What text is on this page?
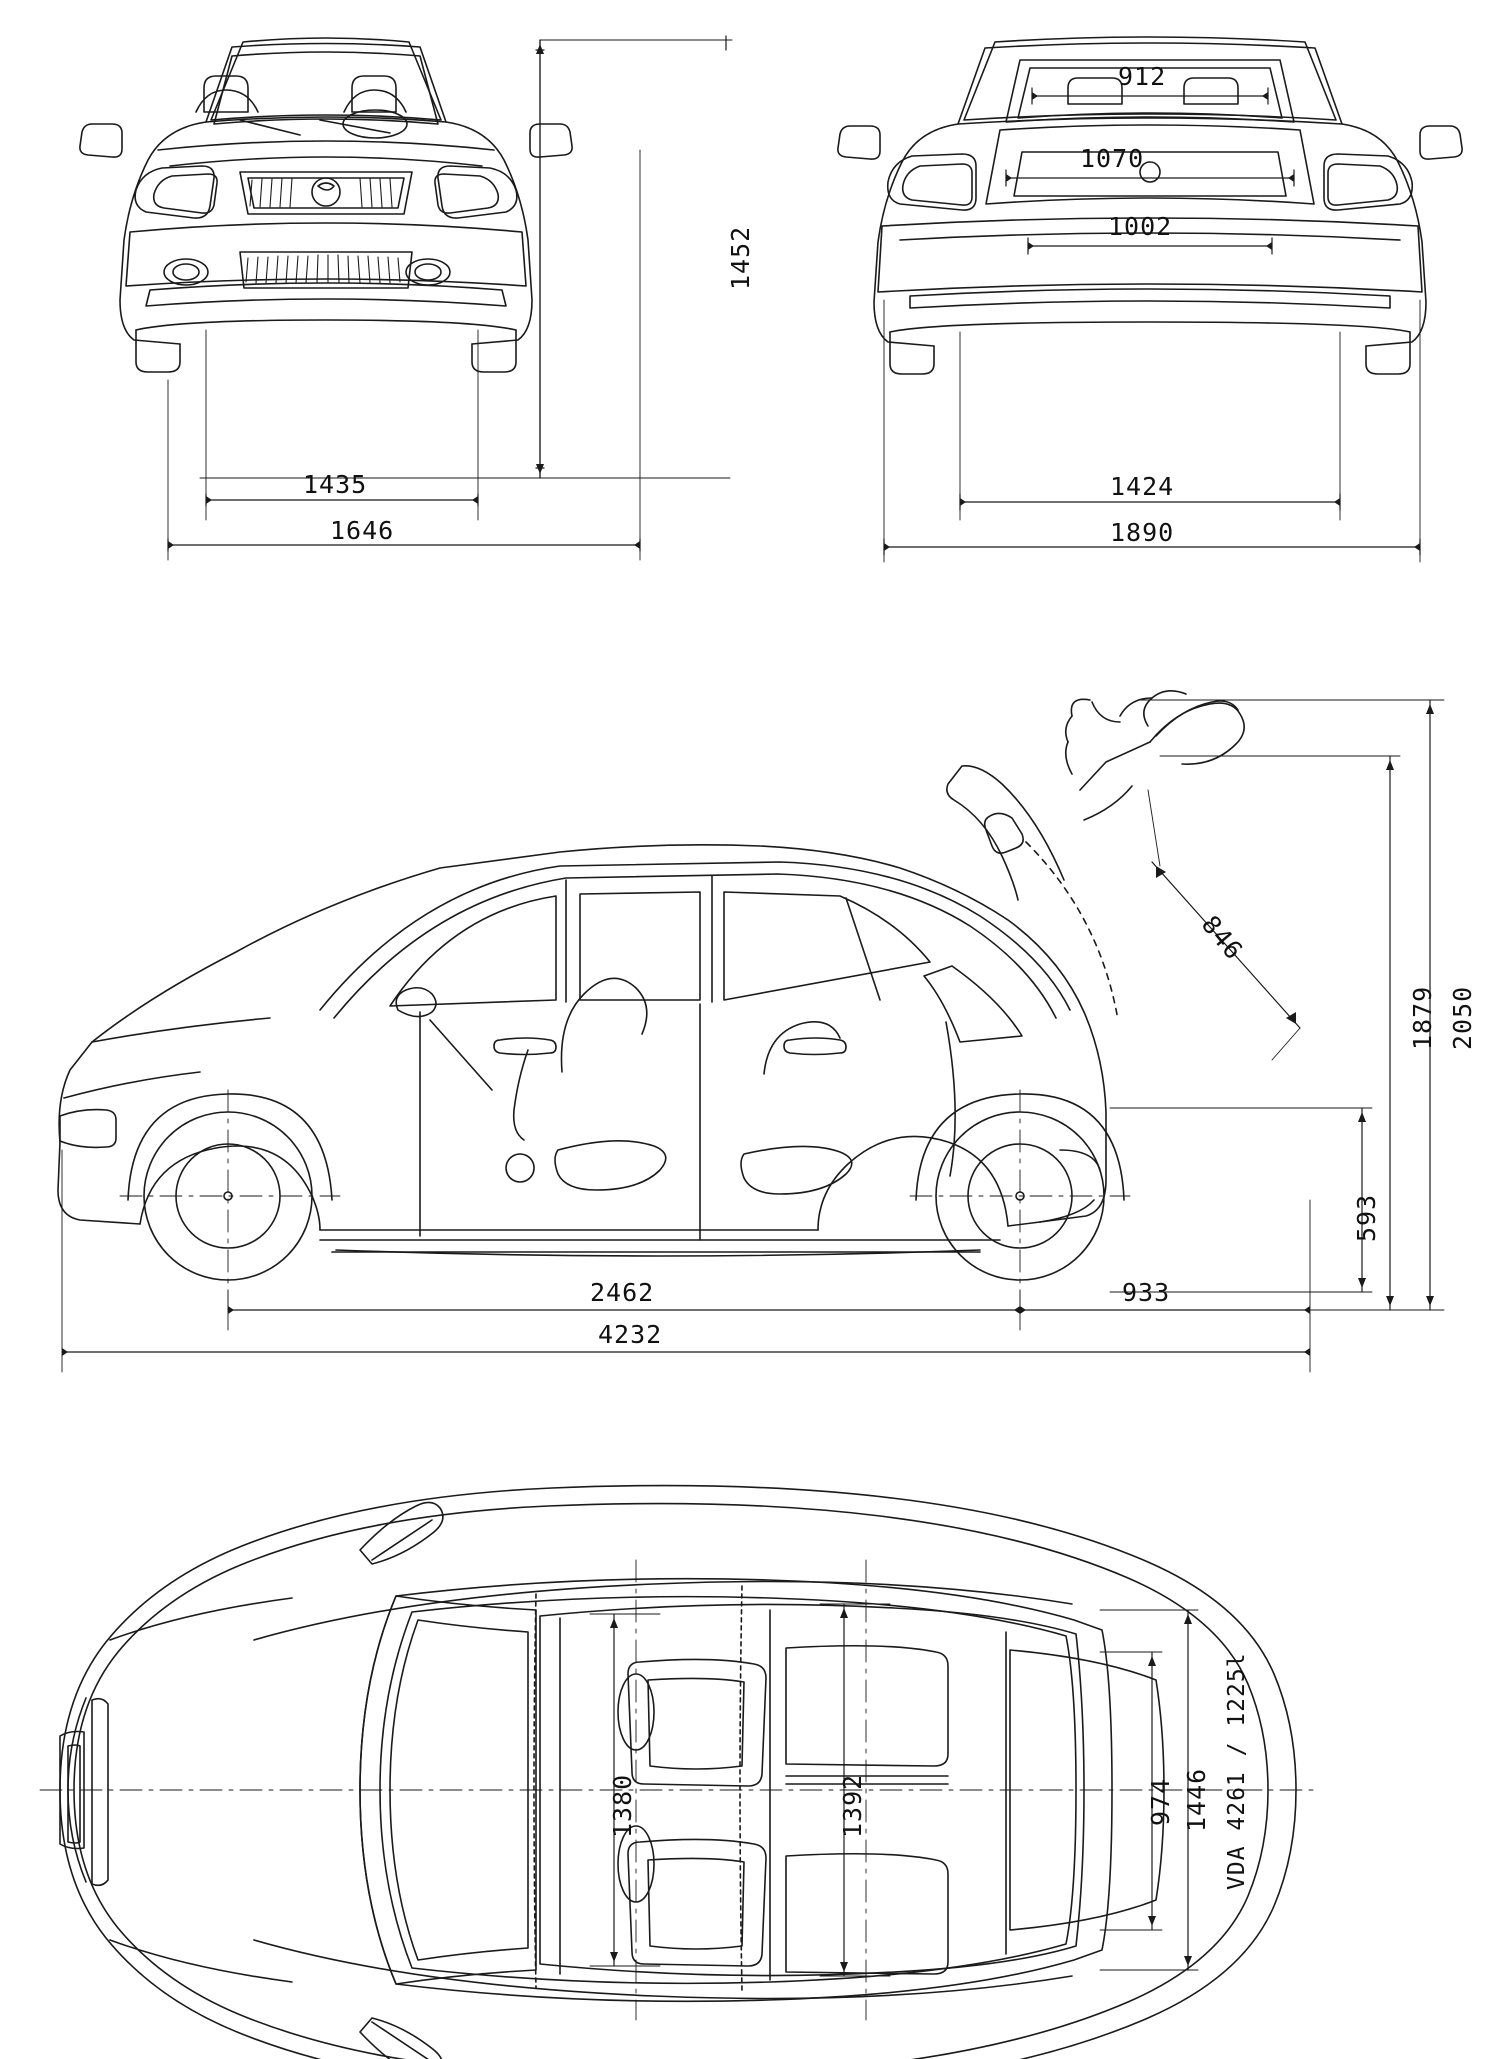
1452
1435
1646
912
1070
1002
1424
1890
2050
1879
846
593
2462	933
4232
1380	1392	974 1446 VDA 4261 / 1225l
